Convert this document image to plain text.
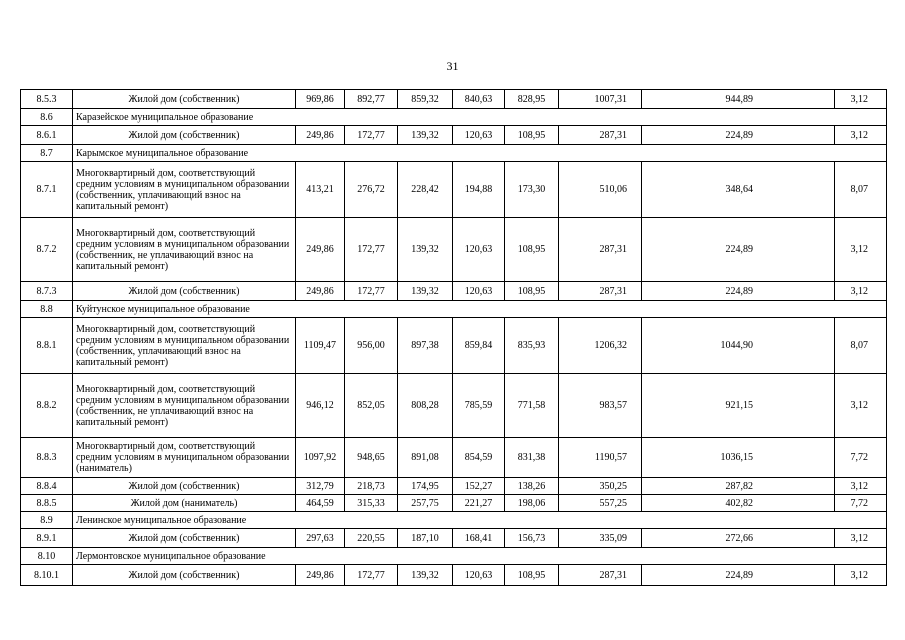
31
8.5.3	Жилой дом (собственник)	969,86	892,77	859,32	840,63	828,95	1007,31	944,89	3,12
8.6	Каразейское муниципальное образование								
8.6.1	Жилой дом (собственник)	249,86	172,77	139,32	120,63	108,95	287,31	224,89	3,12
8.7	Карымское муниципальное образование								
8.7.1	Многоквартирный дом, соответствующий средним условиям в муниципальном образовании (собственник, уплачивающий взнос на капитальный ремонт)	413,21	276,72	228,42	194,88	173,30	510,06	348,64	8,07
8.7.2	Многоквартирный дом, соответствующий средним условиям в муниципальном образовании (собственник, не уплачивающий взнос на капитальный ремонт)	249,86	172,77	139,32	120,63	108,95	287,31	224,89	3,12
8.7.3	Жилой дом (собственник)	249,86	172,77	139,32	120,63	108,95	287,31	224,89	3,12
8.8	Куйтунское муниципальное образование								
8.8.1	Многоквартирный дом, соответствующий средним условиям в муниципальном образовании (собственник, уплачивающий взнос на капитальный ремонт)	1109,47	956,00	897,38	859,84	835,93	1206,32	1044,90	8,07
8.8.2	Многоквартирный дом, соответствующий средним условиям в муниципальном образовании (собственник, не уплачивающий взнос на капитальный ремонт)	946,12	852,05	808,28	785,59	771,58	983,57	921,15	3,12
8.8.3	Многоквартирный дом, соответствующий средним условиям в муниципальном образовании (наниматель)	1097,92	948,65	891,08	854,59	831,38	1190,57	1036,15	7,72
8.8.4	Жилой дом (собственник)	312,79	218,73	174,95	152,27	138,26	350,25	287,82	3,12
8.8.5	Жилой дом (наниматель)	464,59	315,33	257,75	221,27	198,06	557,25	402,82	7,72
8.9	Ленинское муниципальное образование								
8.9.1	Жилой дом (собственник)	297,63	220,55	187,10	168,41	156,73	335,09	272,66	3,12
8.10	Лермонтовское муниципальное образование								
8.10.1	Жилой дом (собственник)	249,86	172,77	139,32	120,63	108,95	287,31	224,89	3,12
